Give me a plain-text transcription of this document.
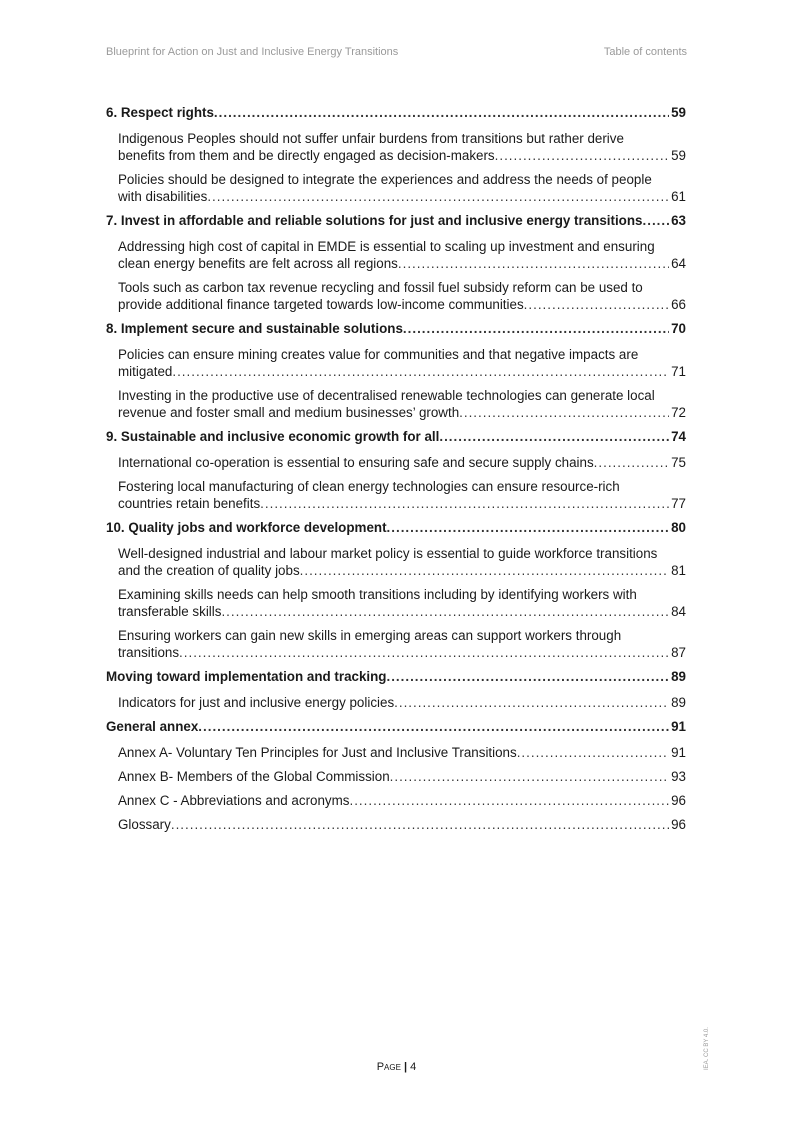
Blueprint for Action on Just and Inclusive Energy Transitions	Table of contents
6. Respect rights .....	59
Indigenous Peoples should not suffer unfair burdens from transitions but rather derive
benefits from them and be directly engaged as decision-makers .....	59
Policies should be designed to integrate the experiences and address the needs of people
with disabilities .....	61
7. Invest in affordable and reliable solutions for just and inclusive energy transitions ..... 63
Addressing high cost of capital in EMDE is essential to scaling up investment and ensuring
clean energy benefits are felt across all regions .....	64
Tools such as carbon tax revenue recycling and fossil fuel subsidy reform can be used to
provide additional finance targeted towards low-income communities .....	66
8. Implement secure and sustainable solutions .....	70
Policies can ensure mining creates value for communities and that negative impacts are
mitigated .....	71
Investing in the productive use of decentralised renewable technologies can generate local
revenue and foster small and medium businesses’ growth .....	72
9. Sustainable and inclusive economic growth for all .....	74
International co-operation is essential to ensuring safe and secure supply chains .....	75
Fostering local manufacturing of clean energy technologies can ensure resource-rich
countries retain benefits .....	77
10. Quality jobs and workforce development .....	80
Well-designed industrial and labour market policy is essential to guide workforce transitions
and the creation of quality jobs .....	81
Examining skills needs can help smooth transitions including by identifying workers with
transferable skills .....	84
Ensuring workers can gain new skills in emerging areas can support workers through
transitions .....	87
Moving toward implementation and tracking .....	89
Indicators for just and inclusive energy policies .....	89
General annex .....	91
Annex A- Voluntary Ten Principles for Just and Inclusive Transitions .....	91
Annex B- Members of the Global Commission .....	93
Annex C - Abbreviations and acronyms .....	96
Glossary .....	96
PAGE | 4	IEA. CC BY 4.0.
